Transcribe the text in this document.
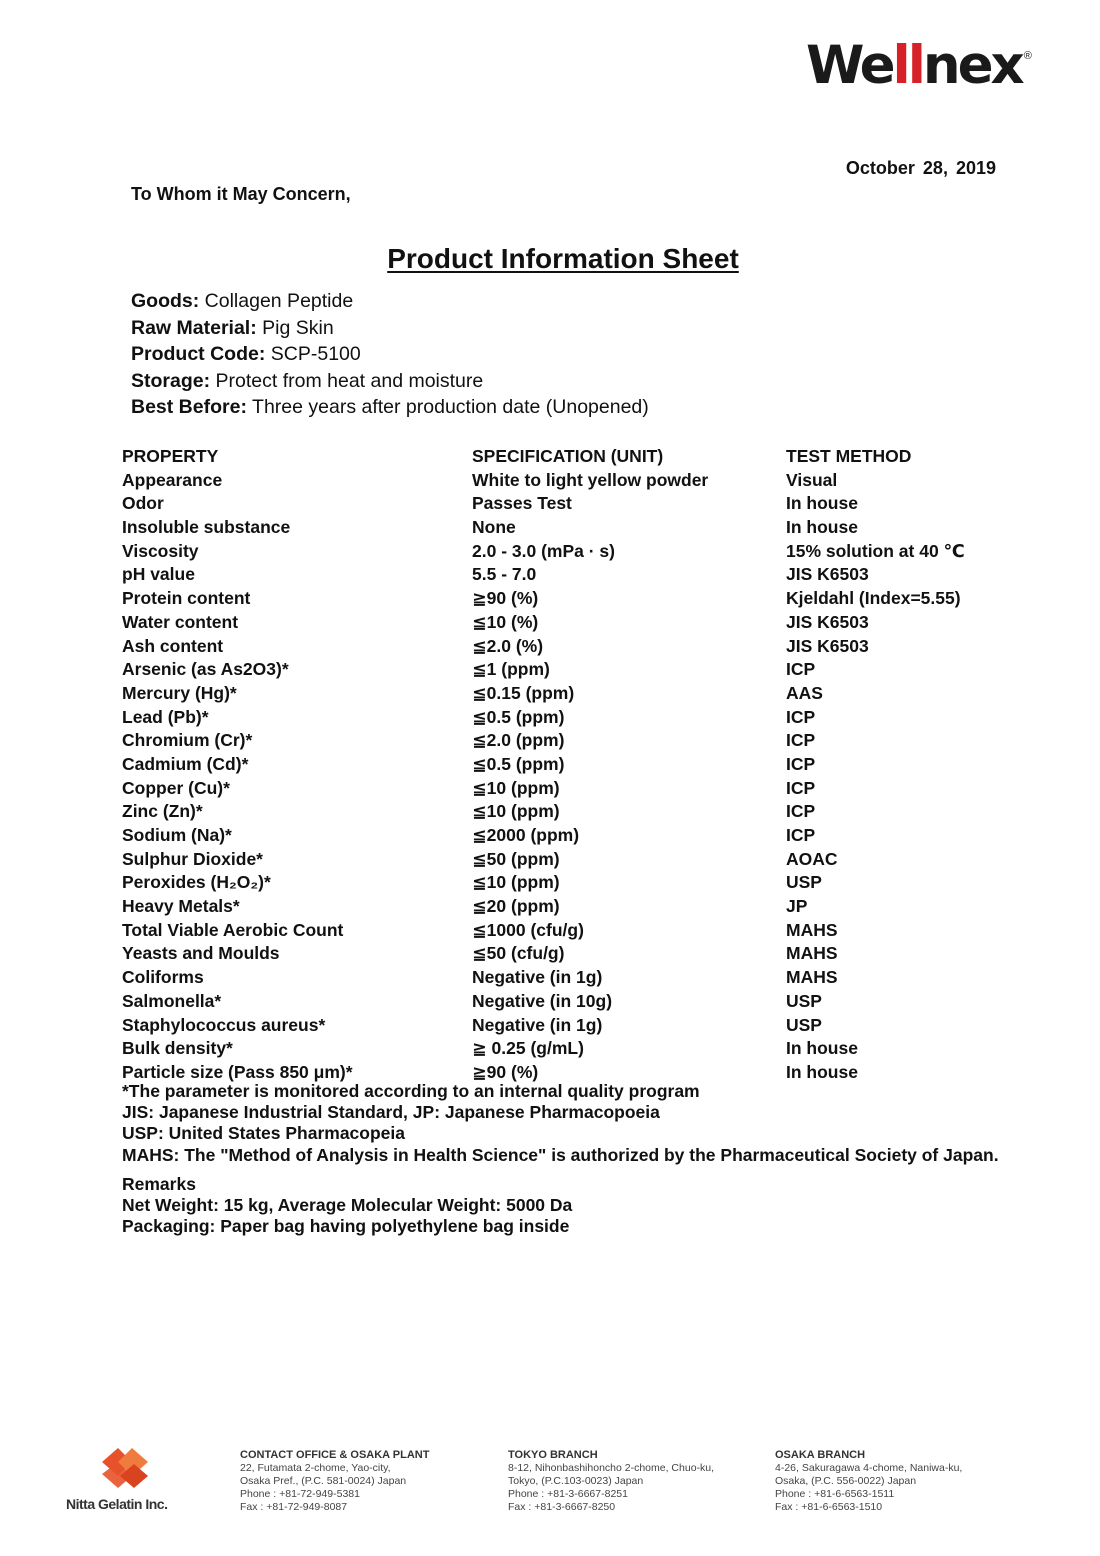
Wellnex ®
October 28, 2019
To Whom it May Concern,
Product Information Sheet
Goods: Collagen Peptide
Raw Material: Pig Skin
Product Code: SCP-5100
Storage: Protect from heat and moisture
Best Before: Three years after production date (Unopened)
PROPERTY	SPECIFICATION (UNIT)	TEST METHOD
Appearance	White to light yellow powder	Visual
Odor	Passes Test	In house
Insoluble substance	None	In house
Viscosity	2.0 - 3.0 (mPa · s)	15% solution at 40 ℃
pH value	5.5 - 7.0	JIS K6503
Protein content	≧90 (%)	Kjeldahl (Index=5.55)
Water content	≦10 (%)	JIS K6503
Ash content	≦2.0 (%)	JIS K6503
Arsenic (as As2O3)*	≦1 (ppm)	ICP
Mercury (Hg)*	≦0.15 (ppm)	AAS
Lead (Pb)*	≦0.5 (ppm)	ICP
Chromium (Cr)*	≦2.0 (ppm)	ICP
Cadmium (Cd)*	≦0.5 (ppm)	ICP
Copper (Cu)*	≦10 (ppm)	ICP
Zinc (Zn)*	≦10 (ppm)	ICP
Sodium (Na)*	≦2000 (ppm)	ICP
Sulphur Dioxide*	≦50 (ppm)	AOAC
Peroxides (H₂O₂)*	≦10 (ppm)	USP
Heavy Metals*	≦20 (ppm)	JP
Total Viable Aerobic Count	≦1000 (cfu/g)	MAHS
Yeasts and Moulds	≦50 (cfu/g)	MAHS
Coliforms	Negative (in 1g)	MAHS
Salmonella*	Negative (in 10g)	USP
Staphylococcus aureus*	Negative (in 1g)	USP
Bulk density*	≧ 0.25 (g/mL)	In house
Particle size (Pass 850 μm)*	≧90 (%)	In house

*The parameter is monitored according to an internal quality program

JIS: Japanese Industrial Standard, JP: Japanese Pharmacopoeia

USP: United States Pharmacopeia

MAHS: The "Method of Analysis in Health Science" is authorized by the Pharmaceutical Society of Japan.

Remarks

Net Weight: 15 kg, Average Molecular Weight: 5000 Da

Packaging: Paper bag having polyethylene bag inside

Nitta Gelatin Inc.
CONTACT OFFICE & OSAKA PLANT
22, Futamata 2-chome, Yao-city,
Osaka Pref., (P.C. 581-0024) Japan
Phone : +81-72-949-5381
Fax : +81-72-949-8087
TOKYO BRANCH
8-12, Nihonbashihoncho 2-chome, Chuo-ku,
Tokyo, (P.C.103-0023) Japan
Phone : +81-3-6667-8251
Fax : +81-3-6667-8250
OSAKA BRANCH
4-26, Sakuragawa 4-chome, Naniwa-ku,
Osaka, (P.C. 556-0022) Japan
Phone : +81-6-6563-1511
Fax : +81-6-6563-1510
